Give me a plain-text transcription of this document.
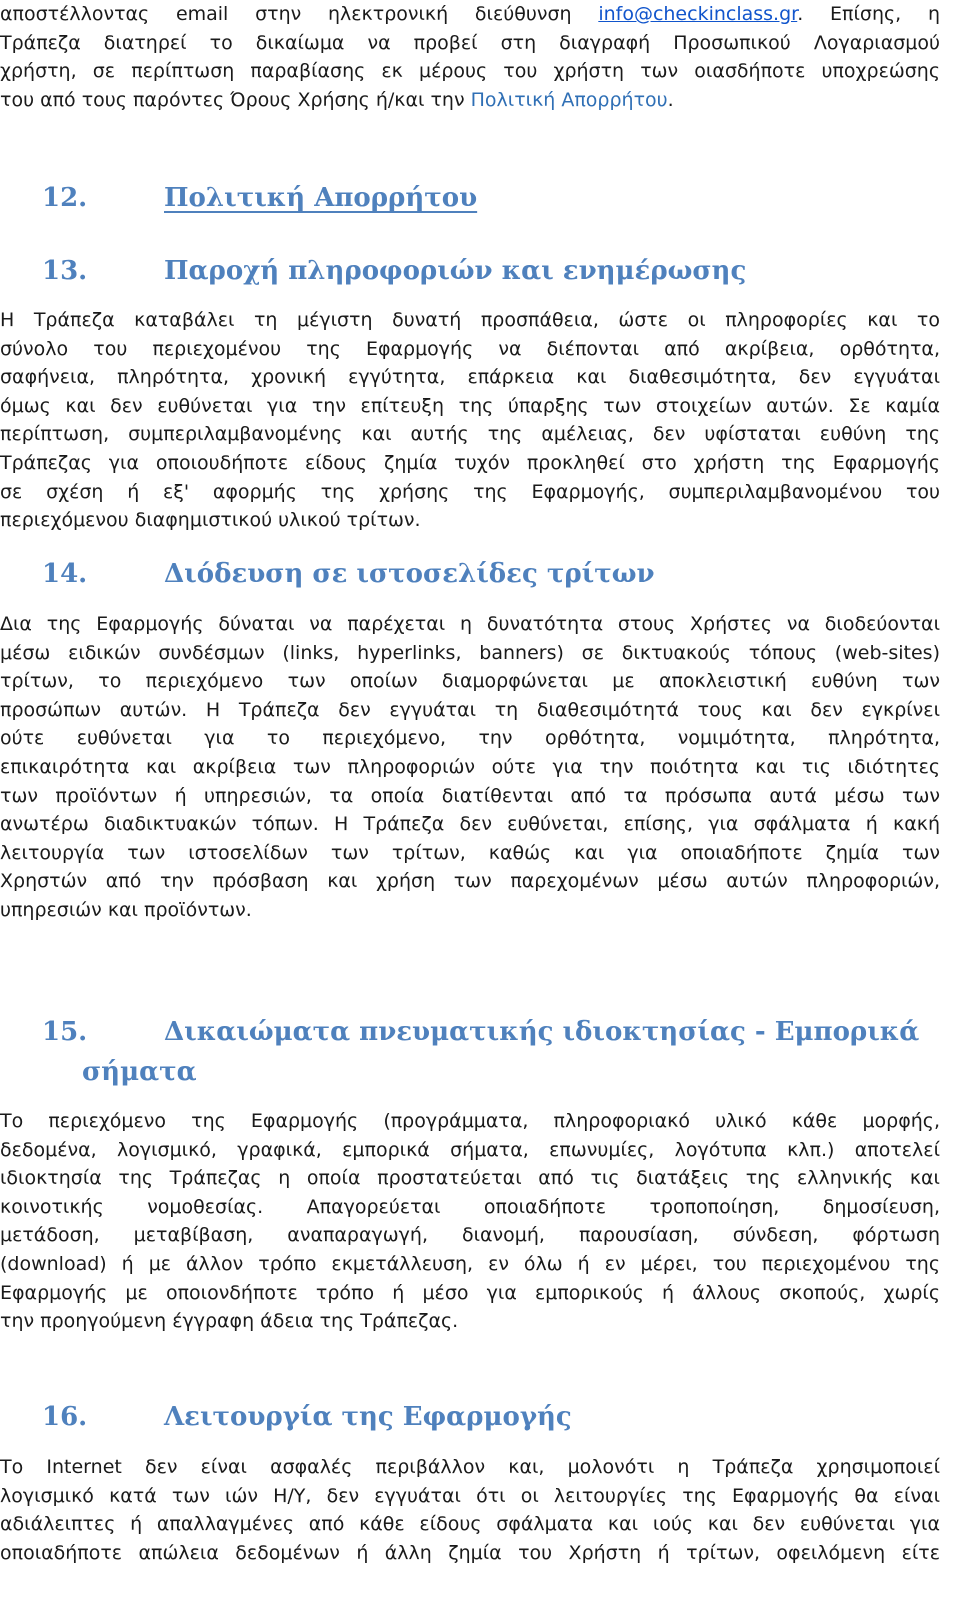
αποστέλλοντας email στην ηλεκτρονική διεύθυνση info@checkinclass.gr. Επίσης, η
Τράπεζα διατηρεί το δικαίωμα να προβεί στη διαγραφή Προσωπικού Λογαριασμού
χρήστη, σε περίπτωση παραβίασης εκ μέρους του χρήστη των οιασδήποτε υποχρεώσης
του από τους παρόντες Όρους Χρήσης ή/και την Πολιτική Απορρήτου.
12.	Πολιτική Απορρήτου
13.	Παροχή πληροφοριών και ενημέρωσης
Η Τράπεζα καταβάλει τη μέγιστη δυνατή προσπάθεια, ώστε οι πληροφορίες και το
σύνολο του περιεχομένου της Εφαρμογής να διέπονται από ακρίβεια, ορθότητα,
σαφήνεια, πληρότητα, χρονική εγγύτητα, επάρκεια και διαθεσιμότητα, δεν εγγυάται
όμως και δεν ευθύνεται για την επίτευξη της ύπαρξης των στοιχείων αυτών. Σε καμία
περίπτωση, συμπεριλαμβανομένης και αυτής της αμέλειας, δεν υφίσταται ευθύνη της
Τράπεζας για οποιουδήποτε είδους ζημία τυχόν προκληθεί στο χρήστη της Εφαρμογής
σε σχέση ή εξ' αφορμής της χρήσης της Εφαρμογής, συμπεριλαμβανομένου του
περιεχόμενου διαφημιστικού υλικού τρίτων.
14.	Διόδευση σε ιστοσελίδες τρίτων
Δια της Εφαρμογής δύναται να παρέχεται η δυνατότητα στους Χρήστες να διοδεύονται
μέσω ειδικών συνδέσμων (links, hyperlinks, banners) σε δικτυακούς τόπους (web-sites)
τρίτων, το περιεχόμενο των οποίων διαμορφώνεται με αποκλειστική ευθύνη των
προσώπων αυτών. Η Τράπεζα δεν εγγυάται τη διαθεσιμότητά τους και δεν εγκρίνει
ούτε ευθύνεται για το περιεχόμενο, την ορθότητα, νομιμότητα, πληρότητα,
επικαιρότητα και ακρίβεια των πληροφοριών ούτε για την ποιότητα και τις ιδιότητες
των προϊόντων ή υπηρεσιών, τα οποία διατίθενται από τα πρόσωπα αυτά μέσω των
ανωτέρω διαδικτυακών τόπων. Η Τράπεζα δεν ευθύνεται, επίσης, για σφάλματα ή κακή
λειτουργία των ιστοσελίδων των τρίτων, καθώς και για οποιαδήποτε ζημία των
Χρηστών από την πρόσβαση και χρήση των παρεχομένων μέσω αυτών πληροφοριών,
υπηρεσιών και προϊόντων.
15.	Δικαιώματα πνευματικής ιδιοκτησίας - Εμπορικά
σήματα
Το περιεχόμενο της Εφαρμογής (προγράμματα, πληροφοριακό υλικό κάθε μορφής,
δεδομένα, λογισμικό, γραφικά, εμπορικά σήματα, επωνυμίες, λογότυπα κλπ.) αποτελεί
ιδιοκτησία της Τράπεζας η οποία προστατεύεται από τις διατάξεις της ελληνικής και
κοινοτικής νομοθεσίας. Απαγορεύεται οποιαδήποτε τροποποίηση, δημοσίευση,
μετάδοση, μεταβίβαση, αναπαραγωγή, διανομή, παρουσίαση, σύνδεση, φόρτωση
(download) ή με άλλον τρόπο εκμετάλλευση, εν όλω ή εν μέρει, του περιεχομένου της
Εφαρμογής με οποιονδήποτε τρόπο ή μέσο για εμπορικούς ή άλλους σκοπούς, χωρίς
την προηγούμενη έγγραφη άδεια της Τράπεζας.
16.	Λειτουργία της Εφαρμογής
Το Internet δεν είναι ασφαλές περιβάλλον και, μολονότι η Τράπεζα χρησιμοποιεί
λογισμικό κατά των ιών Η/Υ, δεν εγγυάται ότι οι λειτουργίες της Εφαρμογής θα είναι
αδιάλειπτες ή απαλλαγμένες από κάθε είδους σφάλματα και ιούς και δεν ευθύνεται για
οποιαδήποτε απώλεια δεδομένων ή άλλη ζημία του Χρήστη ή τρίτων, οφειλόμενη είτε
